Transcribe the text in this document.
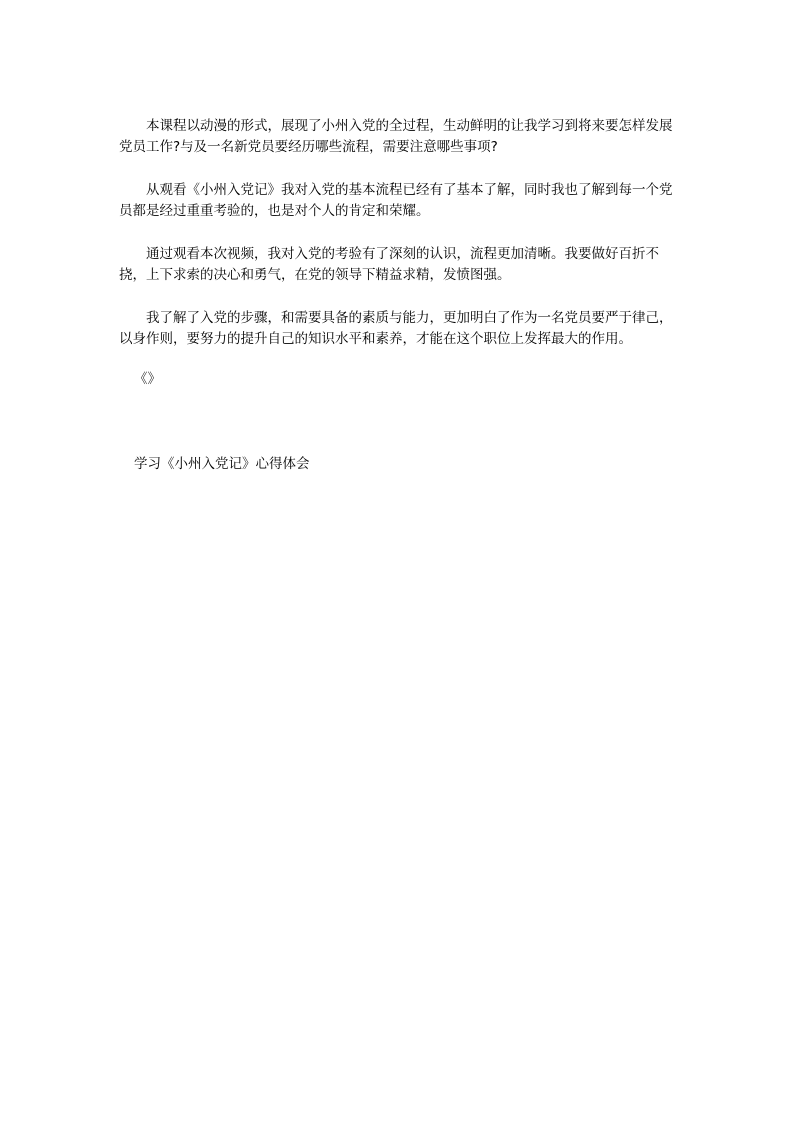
本课程以动漫的形式，展现了小州入党的全过程，生动鲜明的让我学习到将来要怎样发展党员工作?与及一名新党员要经历哪些流程，需要注意哪些事项?

从观看《小州入党记》我对入党的基本流程已经有了基本了解，同时我也了解到每一个党员都是经过重重考验的，也是对个人的肯定和荣耀。

通过观看本次视频，我对入党的考验有了深刻的认识，流程更加清晰。我要做好百折不挠，上下求索的决心和勇气，在党的领导下精益求精，发愤图强。

我了解了入党的步骤，和需要具备的素质与能力，更加明白了作为一名党员要严于律己，以身作则，要努力的提升自己的知识水平和素养，才能在这个职位上发挥最大的作用。

《》
学习《小州入党记》心得体会
